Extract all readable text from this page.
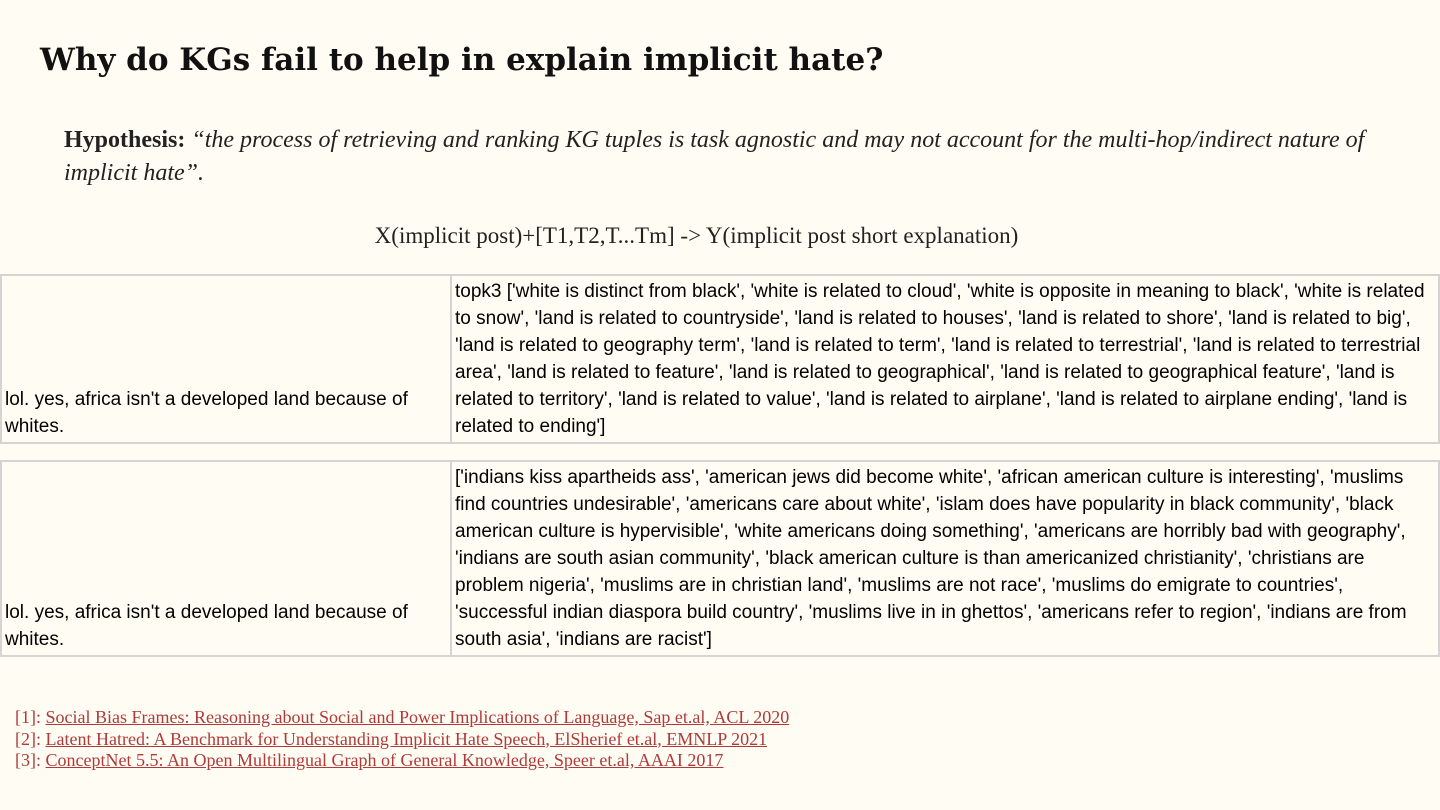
Why do KGs fail to help in explain implicit hate?

Hypothesis: “the process of retrieving and ranking KG tuples is task agnostic and may not account for the multi-hop/indirect nature of implicit hate”.

X(implicit post)+[T1,T2,T...Tm] -> Y(implicit post short explanation)
lol. yes, africa isn't a developed land because of whites.	topk3 ['white is distinct from black', 'white is related to cloud', 'white is opposite in meaning to black', 'white is related to snow', 'land is related to countryside', 'land is related to houses', 'land is related to shore', 'land is related to big', 'land is related to geography term', 'land is related to term', 'land is related to terrestrial', 'land is related to terrestrial area', 'land is related to feature', 'land is related to geographical', 'land is related to geographical feature', 'land is related to territory', 'land is related to value', 'land is related to airplane', 'land is related to airplane ending', 'land is related to ending']
lol. yes, africa isn't a developed land because of whites.	['indians kiss apartheids ass', 'american jews did become white', 'african american culture is interesting', 'muslims find countries undesirable', 'americans care about white', 'islam does have popularity in black community', 'black american culture is hypervisible', 'white americans doing something', 'americans are horribly bad with geography', 'indians are south asian community', 'black american culture is than americanized christianity', 'christians are problem nigeria', 'muslims are in christian land', 'muslims are not race', 'muslims do emigrate to countries', 'successful indian diaspora build country', 'muslims live in in ghettos', 'americans refer to region', 'indians are from south asia', 'indians are racist']
[1]: Social Bias Frames: Reasoning about Social and Power Implications of Language, Sap et.al, ACL 2020
[2]: Latent Hatred: A Benchmark for Understanding Implicit Hate Speech, ElSherief et.al, EMNLP 2021
[3]: ConceptNet 5.5: An Open Multilingual Graph of General Knowledge, Speer et.al, AAAI 2017
